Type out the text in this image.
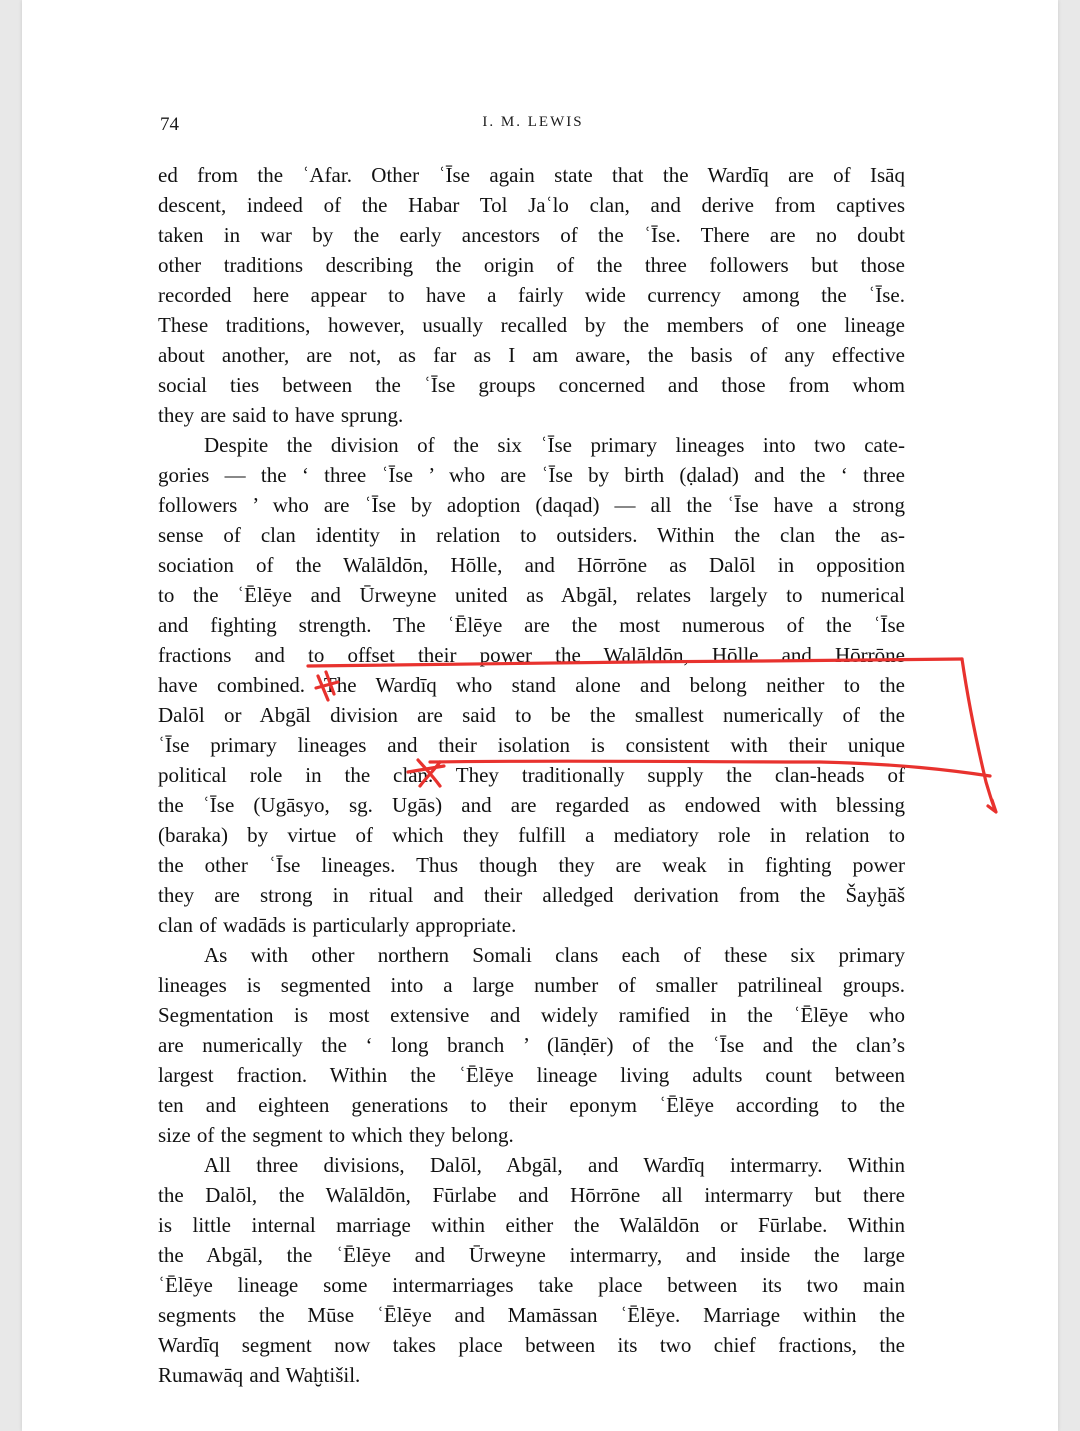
74	I. M. LEWIS
ed from the ʿAfar. Other ʿĪse again state that the Wardīq are of Isāq
descent, indeed of the Habar Tol Jaʿlo clan, and derive from captives
taken in war by the early ancestors of the ʿĪse. There are no doubt
other traditions describing the origin of the three followers but those
recorded here appear to have a fairly wide currency among the ʿĪse.
These traditions, however, usually recalled by the members of one lineage
about another, are not, as far as I am aware, the basis of any effective
social ties between the ʿĪse groups concerned and those from whom
they are said to have sprung.
Despite the division of the six ʿĪse primary lineages into two cate-
gories — the ‘ three ʿĪse ’ who are ʿĪse by birth (ḍalad) and the ‘ three
followers ’ who are ʿĪse by adoption (daqad) — all the ʿĪse have a strong
sense of clan identity in relation to outsiders. Within the clan the as-
sociation of the Walāldōn, Hōlle, and Hōrrōne as Dalōl in opposition
to the ʿĒlēye and Ūrweyne united as Abgāl, relates largely to numerical
and fighting strength. The ʿĒlēye are the most numerous of the ʿĪse
fractions and to offset their power the Walāldōn, Hōlle and Hōrrōne
have combined. The Wardīq who stand alone and belong neither to the
Dalōl or Abgāl division are said to be the smallest numerically of the
ʿĪse primary lineages and their isolation is consistent with their unique
political role in the clan. They traditionally supply the clan-heads of
the ʿĪse (Ugāsyo, sg. Ugās) and are regarded as endowed with blessing
(baraka) by virtue of which they fulfill a mediatory role in relation to
the other ʿĪse lineages. Thus though they are weak in fighting power
they are strong in ritual and their alledged derivation from the Šayḫāš
clan of wadāds is particularly appropriate.
As with other northern Somali clans each of these six primary
lineages is segmented into a large number of smaller patrilineal groups.
Segmentation is most extensive and widely ramified in the ʿĒlēye who
are numerically the ‘ long branch ’ (lānḍēr) of the ʿĪse and the clan’s
largest fraction. Within the ʿĒlēye lineage living adults count between
ten and eighteen generations to their eponym ʿĒlēye according to the
size of the segment to which they belong.
All three divisions, Dalōl, Abgāl, and Wardīq intermarry. Within
the Dalōl, the Walāldōn, Fūrlabe and Hōrrōne all intermarry but there
is little internal marriage within either the Walāldōn or Fūrlabe. Within
the Abgāl, the ʿĒlēye and Ūrweyne intermarry, and inside the large
ʿĒlēye lineage some intermarriages take place between its two main
segments the Mūse ʿĒlēye and Mamāssan ʿĒlēye. Marriage within the
Wardīq segment now takes place between its two chief fractions, the
Rumawāq and Waḫtišil.
